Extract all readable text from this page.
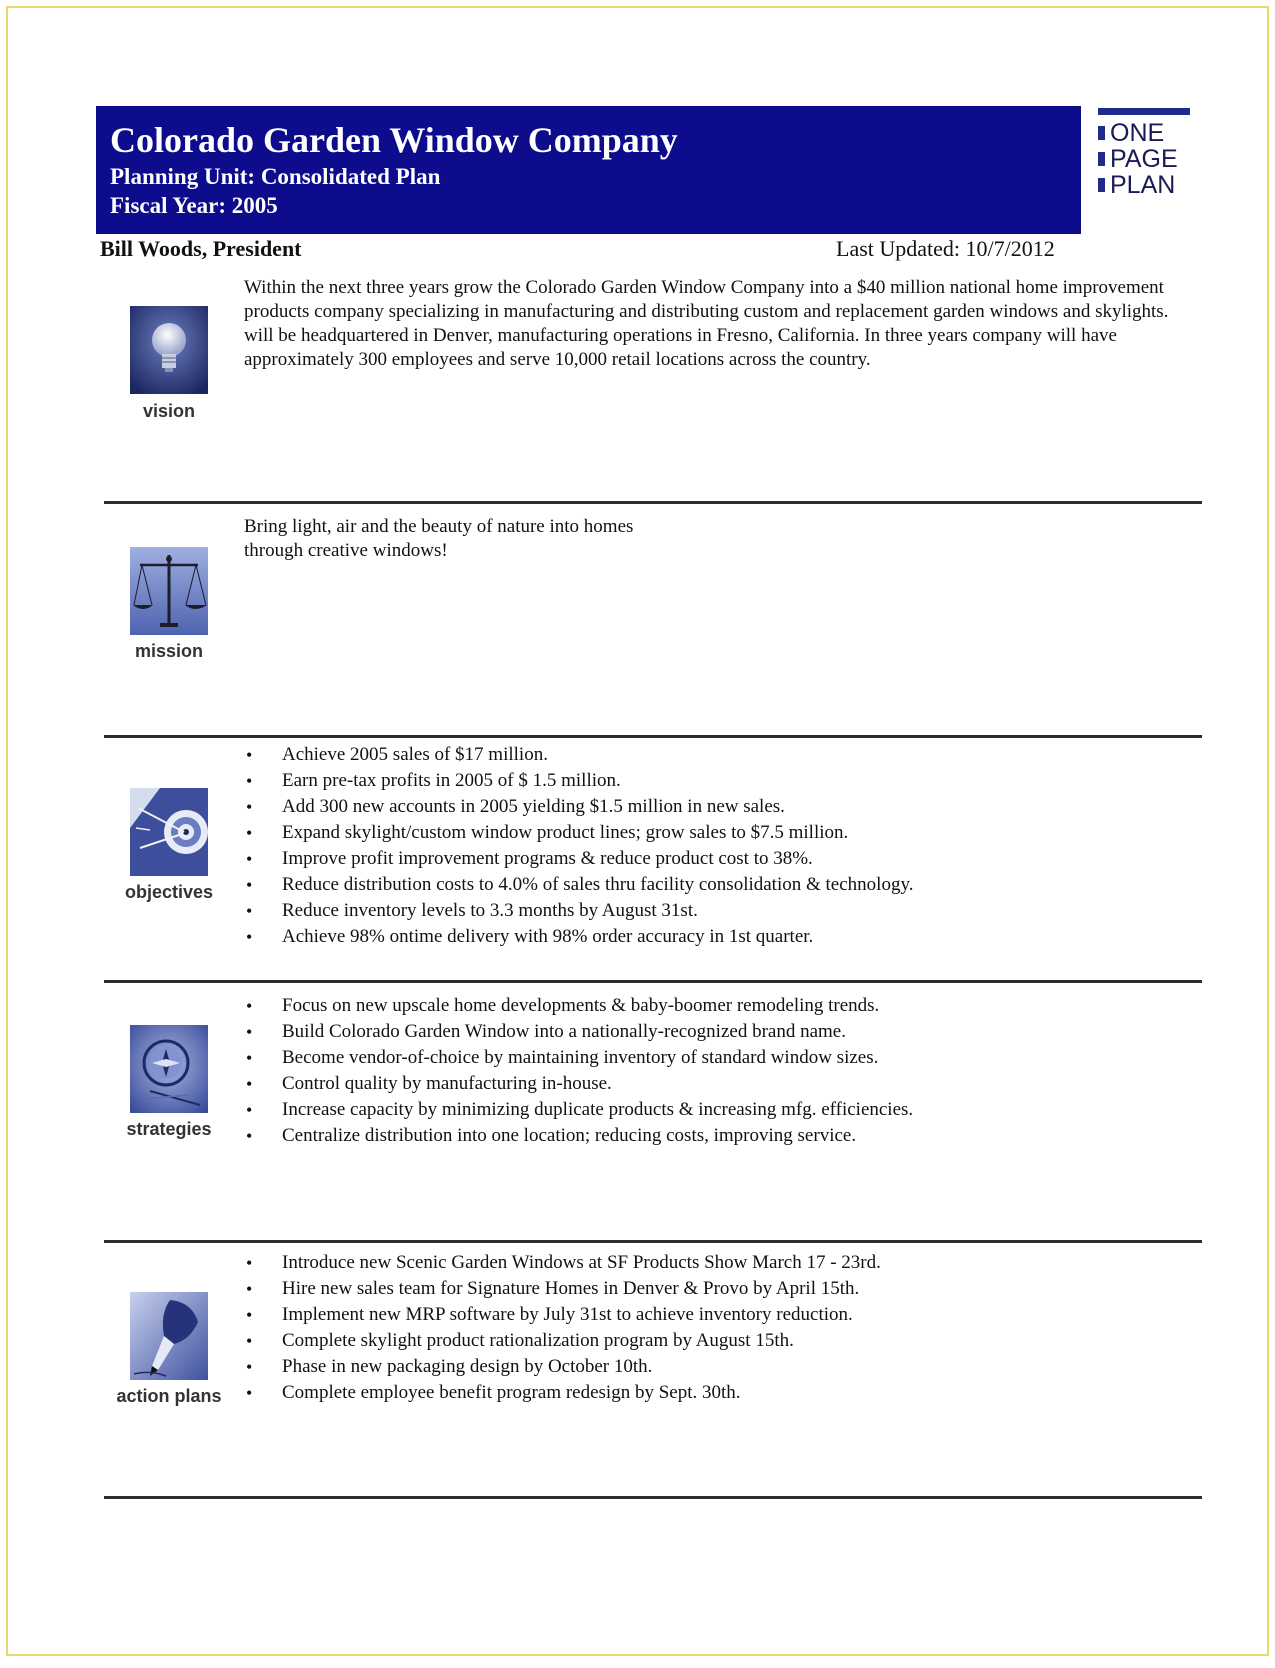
Colorado Garden Window Company
Planning Unit: Consolidated Plan
Fiscal Year: 2005
ONE
PAGE
PLAN
Bill Woods, President	Last Updated: 10/7/2012
vision
Within the next three years grow the Colorado Garden Window Company into a $40 million national home improvement products company specializing in manufacturing and distributing custom and replacement garden windows and skylights.
will be headquartered in Denver, manufacturing operations in Fresno, California. In three years company will have approximately 300 employees and serve 10,000 retail locations across the country.
mission
Bring light, air and the beauty of nature into homes
through creative windows!
objectives
• Achieve 2005 sales of $17 million.
• Earn pre-tax profits in 2005 of $ 1.5 million.
• Add 300 new accounts in 2005 yielding $1.5 million in new sales.
• Expand skylight/custom window product lines; grow sales to $7.5 million.
• Improve profit improvement programs & reduce product cost to 38%.
• Reduce distribution costs to 4.0% of sales thru facility consolidation & technology.
• Reduce inventory levels to 3.3 months by August 31st.
• Achieve 98% ontime delivery with 98% order accuracy in 1st quarter.
strategies
• Focus on new upscale home developments & baby-boomer remodeling trends.
• Build Colorado Garden Window into a nationally-recognized brand name.
• Become vendor-of-choice by maintaining inventory of standard window sizes.
• Control quality by manufacturing in-house.
• Increase capacity by minimizing duplicate products & increasing mfg. efficiencies.
• Centralize distribution into one location; reducing costs, improving service.
action plans
• Introduce new Scenic Garden Windows at SF Products Show March 17 - 23rd.
• Hire new sales team for Signature Homes in Denver & Provo by April 15th.
• Implement new MRP software by July 31st to achieve inventory reduction.
• Complete skylight product rationalization program by August 15th.
• Phase in new packaging design by October 10th.
• Complete employee benefit program redesign by Sept. 30th.
